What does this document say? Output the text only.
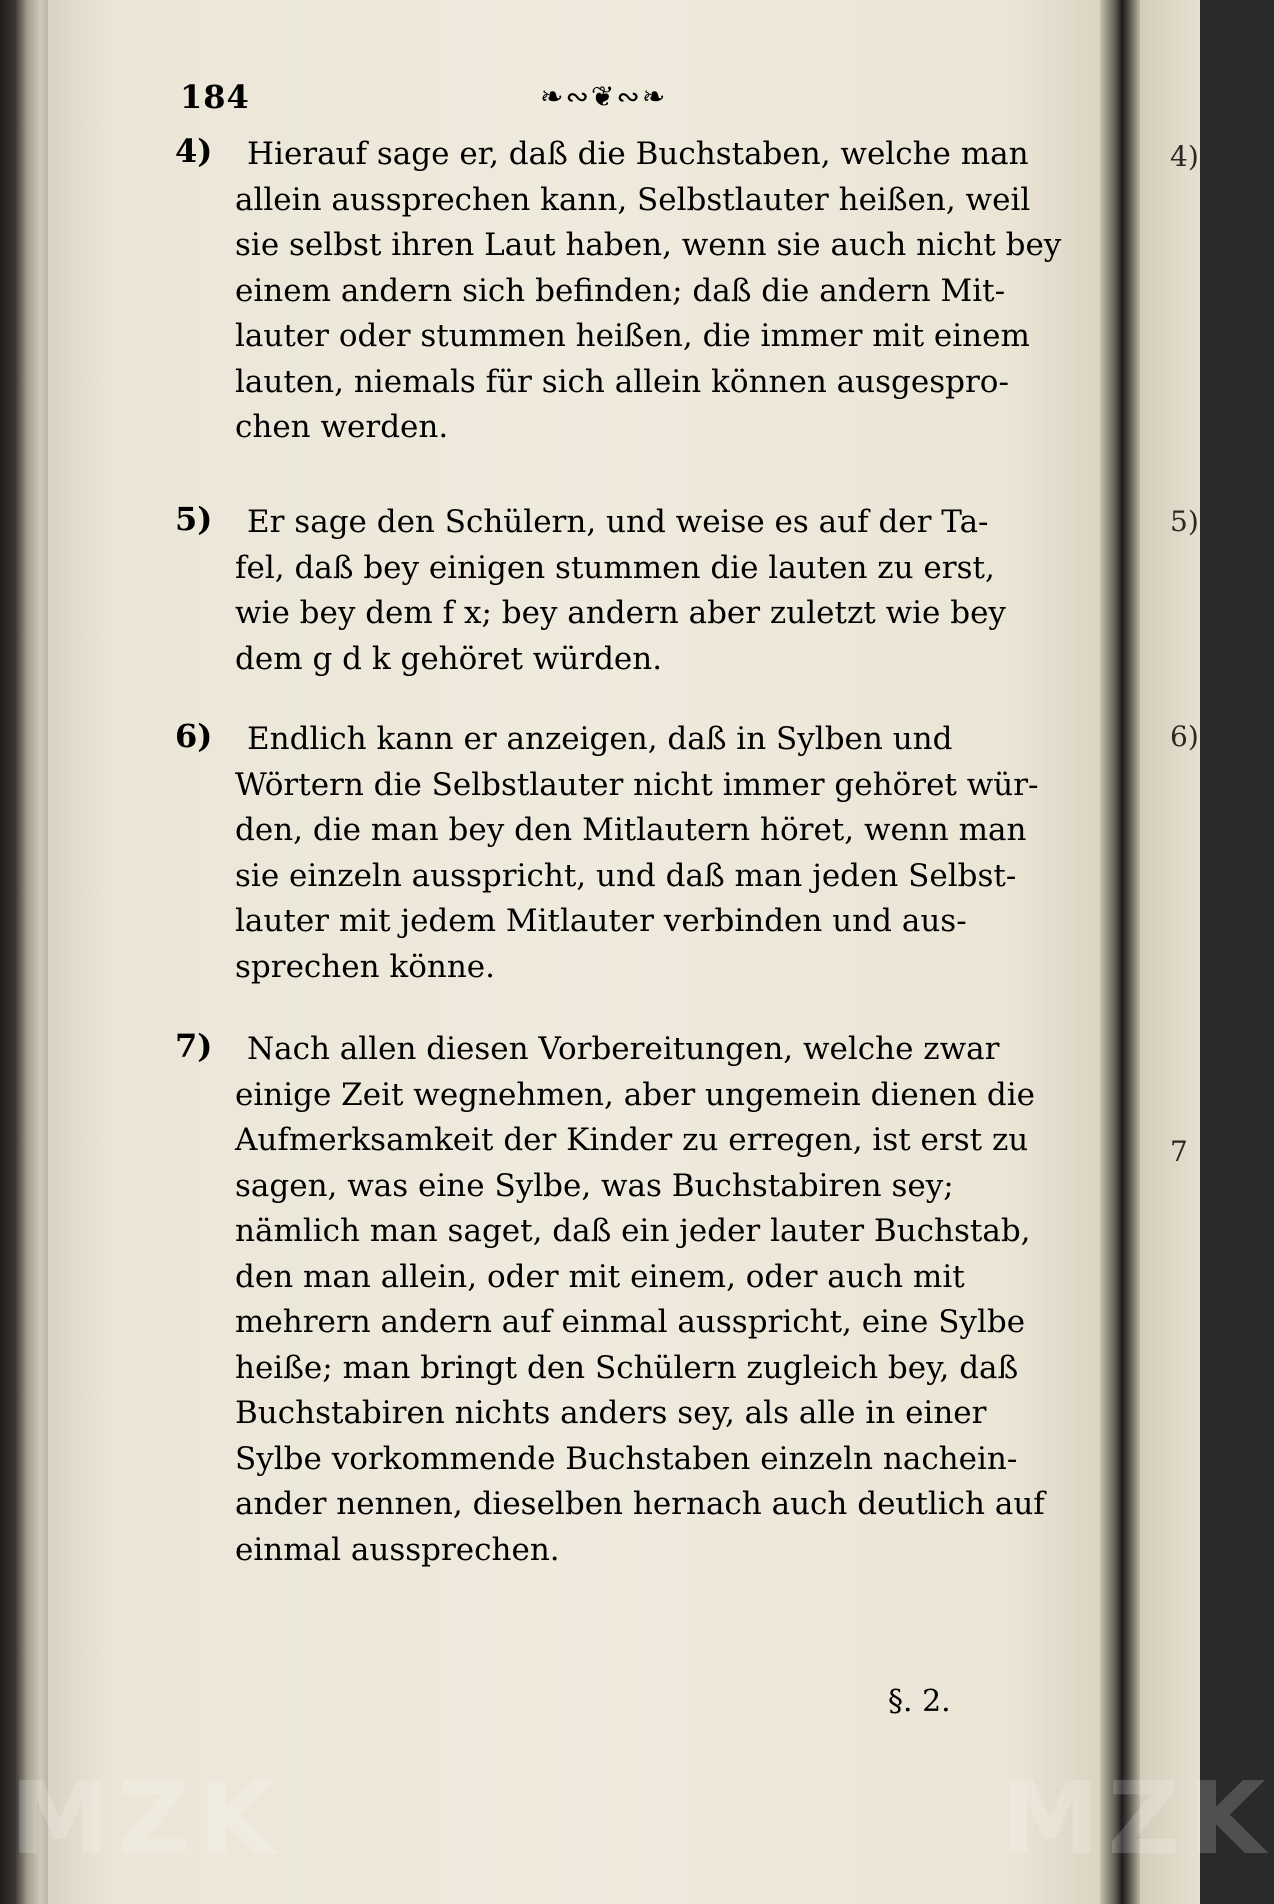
184	❧∾❦∾❧
4)	Hierauf sage er, daß die Buchstaben, welche man
allein aussprechen kann, Selbstlauter heißen, weil
sie selbst ihren Laut haben, wenn sie auch nicht bey
einem andern sich befinden; daß die andern Mit-
lauter oder stummen heißen, die immer mit einem
lauten, niemals für sich allein können ausgespro-
chen werden.
5)	Er sage den Schülern, und weise es auf der Ta-
fel, daß bey einigen stummen die lauten zu erst,
wie bey dem f x; bey andern aber zuletzt wie bey
dem g d k gehöret würden.
6)	Endlich kann er anzeigen, daß in Sylben und
Wörtern die Selbstlauter nicht immer gehöret wür-
den, die man bey den Mitlautern höret, wenn man
sie einzeln ausspricht, und daß man jeden Selbst-
lauter mit jedem Mitlauter verbinden und aus-
sprechen könne.
7)	Nach allen diesen Vorbereitungen, welche zwar
einige Zeit wegnehmen, aber ungemein dienen die
Aufmerksamkeit der Kinder zu erregen, ist erst zu
sagen, was eine Sylbe, was Buchstabiren sey;
nämlich man saget, daß ein jeder lauter Buchstab,
den man allein, oder mit einem, oder auch mit
mehrern andern auf einmal ausspricht, eine Sylbe
heiße; man bringt den Schülern zugleich bey, daß
Buchstabiren nichts anders sey, als alle in einer
Sylbe vorkommende Buchstaben einzeln nachein-
ander nennen, dieselben hernach auch deutlich auf
einmal aussprechen.
§. 2.
4)
5)
6)
7
MZK	MZK
